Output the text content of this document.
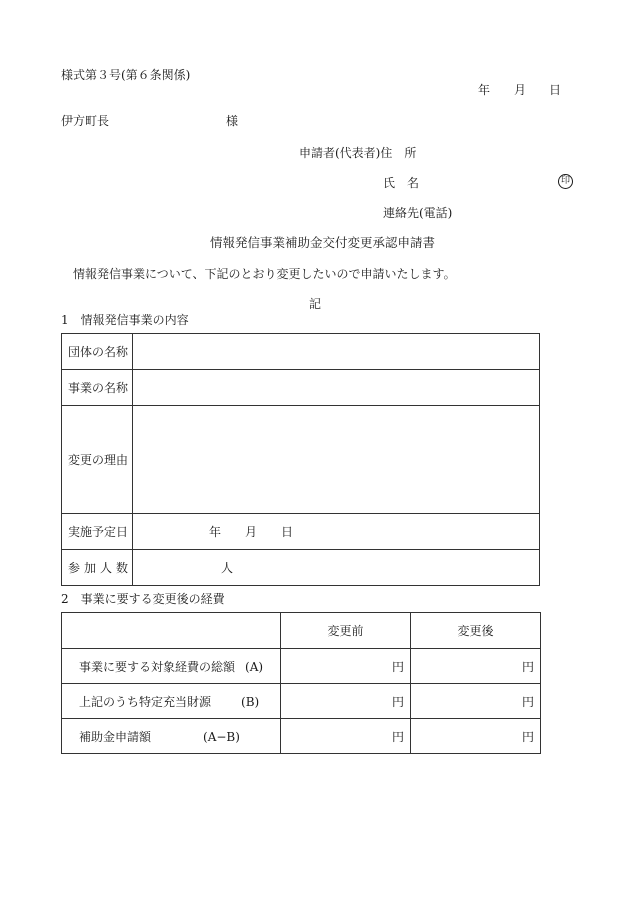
様式第３号(第６条関係)
年 月 日
伊方町長	様
申請者(代表者)住　所
氏　名	印
連絡先(電話)
情報発信事業補助金交付変更承認申請書
情報発信事業について、下記のとおり変更したいので申請いたします。
記
1　情報発信事業の内容
団体の名称	
事業の名称	
変更の理由	
実施予定日	年 月 日
参加人数	人
2　事業に要する変更後の経費
	変更前	変更後
事業に要する対象経費の総額 (A)	円	円
上記のうち特定充当財源 (B)	円	円
補助金申請額 (A−B)	円	円
